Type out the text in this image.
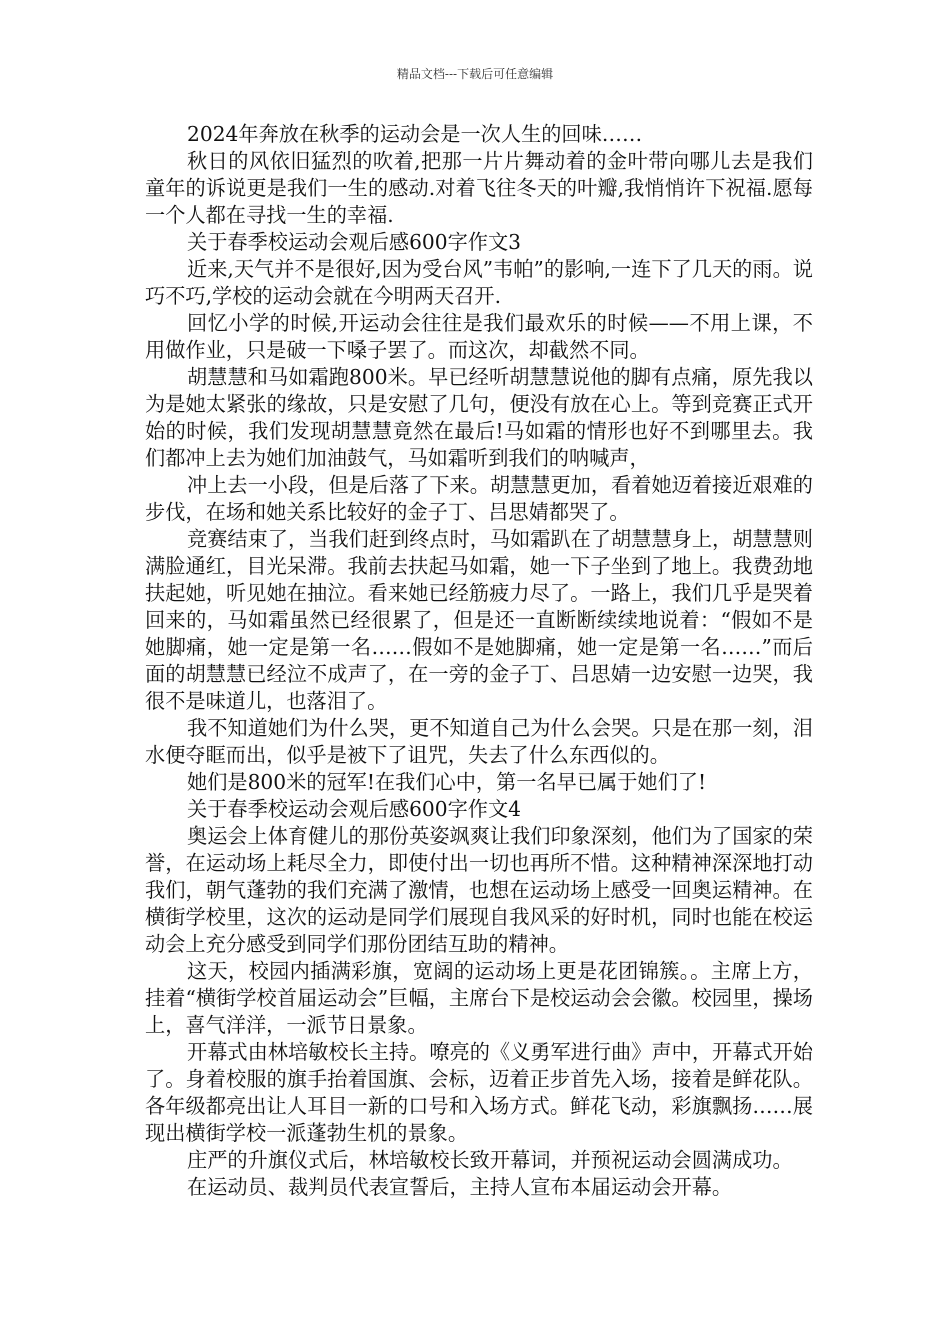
精品文档---下载后可任意编辑

2024年奔放在秋季的运动会是一次人生的回味……

秋日的风依旧猛烈的吹着,把那一片片舞动着的金叶带向哪儿去是我们童年的诉说更是我们一生的感动.对着飞往冬天的叶瓣,我悄悄许下祝福.愿每一个人都在寻找一生的幸福.

关于春季校运动会观后感600字作文3

近来,天气并不是很好,因为受台风”韦帕”的影响,一连下了几天的雨。说巧不巧,学校的运动会就在今明两天召开.

回忆小学的时候,开运动会往往是我们最欢乐的时候——不用上课，不用做作业，只是破一下嗓子罢了。而这次，却截然不同。

胡慧慧和马如霜跑800米。早已经听胡慧慧说他的脚有点痛，原先我以为是她太紧张的缘故，只是安慰了几句，便没有放在心上。等到竞赛正式开始的时候，我们发现胡慧慧竟然在最后!马如霜的情形也好不到哪里去。我们都冲上去为她们加油鼓气，马如霜听到我们的呐喊声，

冲上去一小段，但是后落了下来。胡慧慧更加，看着她迈着接近艰难的步伐，在场和她关系比较好的金子丁、吕思婧都哭了。

竞赛结束了，当我们赶到终点时，马如霜趴在了胡慧慧身上，胡慧慧则满脸通红，目光呆滞。我前去扶起马如霜，她一下子坐到了地上。我费劲地扶起她，听见她在抽泣。看来她已经筋疲力尽了。一路上，我们几乎是哭着回来的，马如霜虽然已经很累了，但是还一直断断续续地说着：“假如不是她脚痛，她一定是第一名……假如不是她脚痛，她一定是第一名……”而后面的胡慧慧已经泣不成声了，在一旁的金子丁、吕思婧一边安慰一边哭，我很不是味道儿，也落泪了。

我不知道她们为什么哭，更不知道自己为什么会哭。只是在那一刻，泪水便夺眶而出，似乎是被下了诅咒，失去了什么东西似的。

她们是800米的冠军!在我们心中，第一名早已属于她们了!

关于春季校运动会观后感600字作文4

奥运会上体育健儿的那份英姿飒爽让我们印象深刻，他们为了国家的荣誉，在运动场上耗尽全力，即使付出一切也再所不惜。这种精神深深地打动我们，朝气蓬勃的我们充满了激情，也想在运动场上感受一回奥运精神。在横街学校里，这次的运动是同学们展现自我风采的好时机，同时也能在校运动会上充分感受到同学们那份团结互助的精神。

这天，校园内插满彩旗，宽阔的运动场上更是花团锦簇。。主席上方，挂着“横街学校首届运动会”巨幅，主席台下是校运动会会徽。校园里，操场上，喜气洋洋，一派节日景象。

开幕式由林培敏校长主持。嘹亮的《义勇军进行曲》声中，开幕式开始了。身着校服的旗手抬着国旗、会标，迈着正步首先入场，接着是鲜花队。各年级都亮出让人耳目一新的口号和入场方式。鲜花飞动，彩旗飘扬……展现出横街学校一派蓬勃生机的景象。

庄严的升旗仪式后，林培敏校长致开幕词，并预祝运动会圆满成功。

在运动员、裁判员代表宣誓后，主持人宣布本届运动会开幕。
